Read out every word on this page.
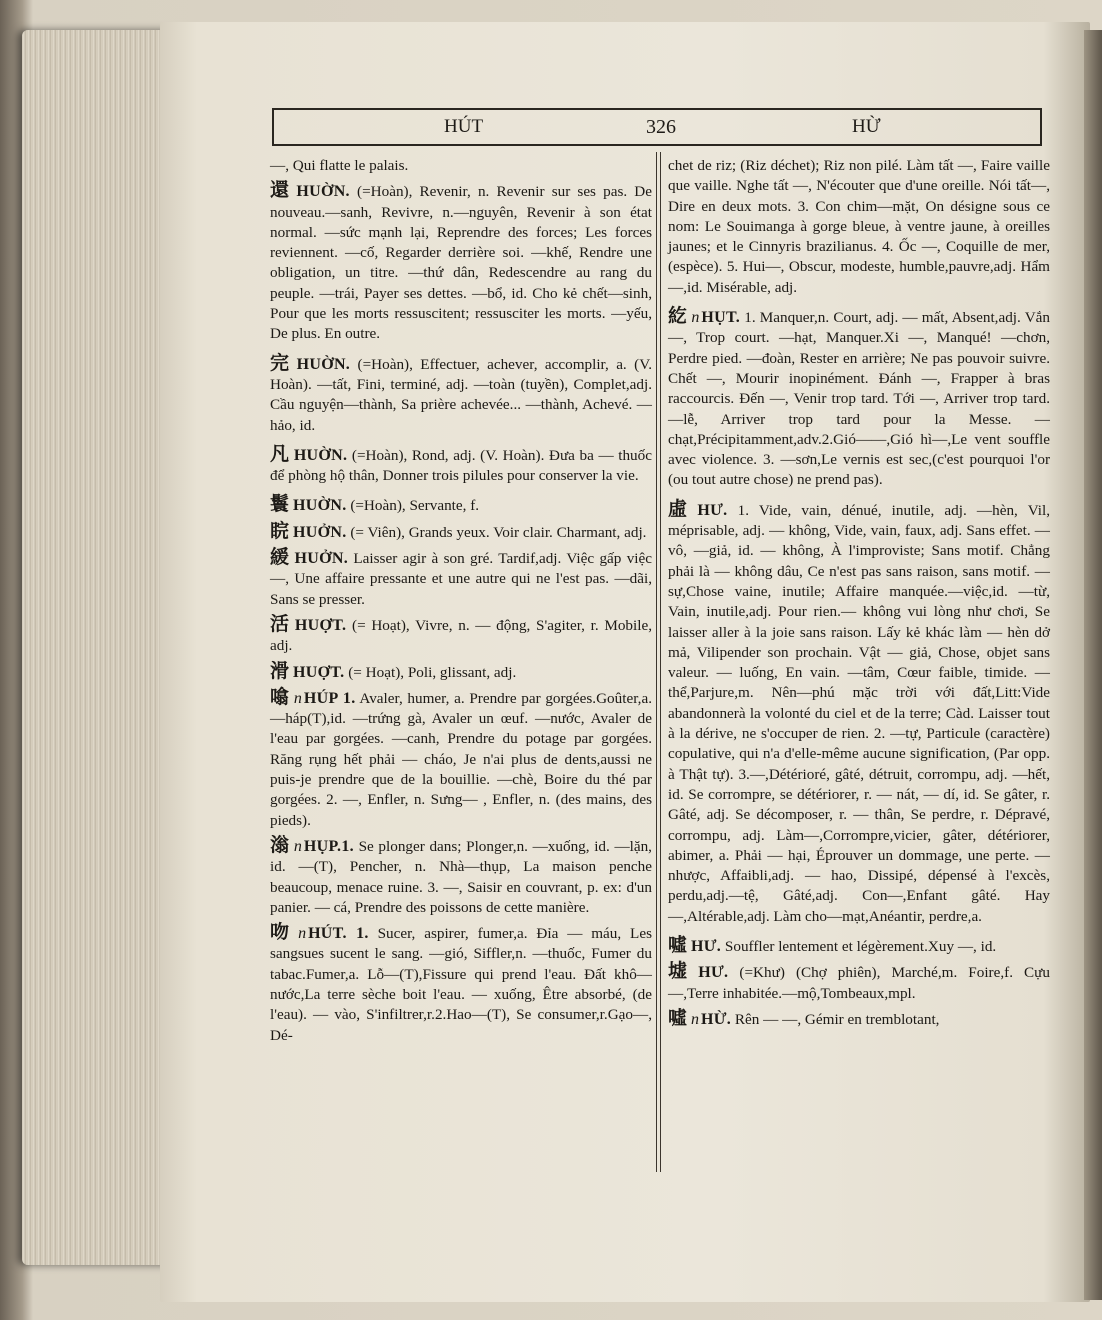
HÚT	326	HỪ
—, Qui flatte le palais.
還 HUỜN. (=Hoàn), Revenir, n. Revenir sur ses pas. De nouveau.—sanh, Revivre, n.—nguyên, Revenir à son état normal. —sức mạnh lại, Reprendre des forces; Les forces reviennent. —cố, Regarder derrière soi. —khế, Rendre une obligation, un titre. —thứ dân, Redescendre au rang du peuple. —trái, Payer ses dettes. —bổ, id. Cho kẻ chết—sinh, Pour que les morts ressuscitent; ressusciter les morts. —yếu, De plus. En outre.
完 HUỜN. (=Hoàn), Effectuer, achever, accomplir, a. (V. Hoàn). —tất, Fini, terminé, adj. —toàn (tuyền), Complet,adj. Cầu nguyện—thành, Sa prière achevée... —thành, Achevé. —hảo, id.
凡 HUỜN. (=Hoàn), Rond, adj. (V. Hoàn). Đưa ba — thuốc để phòng hộ thân, Donner trois pilules pour conserver la vie.
鬟 HUỜN. (=Hoàn), Servante, f.
睆 HUỞN. (= Viên), Grands yeux. Voir clair. Charmant, adj.
緩 HUỞN. Laisser agir à son gré. Tardif,adj. Việc gấp việc —, Une affaire pressante et une autre qui ne l'est pas. —dãi, Sans se presser.
活 HUỢT. (= Hoạt), Vivre, n. — động, S'agiter, r. Mobile, adj.
滑 HUỢT. (= Hoạt), Poli, glissant, adj.
噏 n HÚP 1. Avaler, humer, a. Prendre par gorgées.Goûter,a.—háp(T),id. —trứng gà, Avaler un œuf. —nước, Avaler de l'eau par gorgées. —canh, Prendre du potage par gorgées. Răng rụng hết phải — cháo, Je n'ai plus de dents,aussi ne puis-je prendre que de la bouillie. —chè, Boire du thé par gorgées. 2. —, Enfler, n. Sưng— , Enfler, n. (des mains, des pieds).
滃 n HỤP.1. Se plonger dans; Plonger,n. —xuống, id. —lặn, id. —(T), Pencher, n. Nhà—thụp, La maison penche beaucoup, menace ruine. 3. —, Saisir en couvrant, p. ex: d'un panier. — cá, Prendre des poissons de cette manière.
吻 n HÚT. 1. Sucer, aspirer, fumer,a. Đỉa — máu, Les sangsues sucent le sang. —gió, Siffler,n. —thuốc, Fumer du tabac.Fumer,a. Lỗ—(T),Fissure qui prend l'eau. Đất khô—nước,La terre sèche boit l'eau. — xuống, Être absorbé, (de l'eau). — vào, S'infiltrer,r.2.Hao—(T), Se consumer,r.Gạo—, Dé-
chet de riz; (Riz déchet); Riz non pilé. Làm tất —, Faire vaille que vaille. Nghe tất —, N'écouter que d'une oreille. Nói tất—, Dire en deux mots. 3. Con chim—mặt, On désigne sous ce nom: Le Souimanga à gorge bleue, à ventre jaune, à oreilles jaunes; et le Cinnyris brazilianus. 4. Ốc —, Coquille de mer, (espèce). 5. Hui—, Obscur, modeste, humble,pauvre,adj. Hẩm —,id. Misérable, adj.
紇 n HỤT. 1. Manquer,n. Court, adj. — mất, Absent,adj. Vắn—, Trop court. —hạt, Manquer.Xi —, Manqué! —chơn, Perdre pied. —đoàn, Rester en arrière; Ne pas pouvoir suivre. Chết —, Mourir inopinément. Đánh —, Frapper à bras raccourcis. Đến —, Venir trop tard. Tới —, Arriver trop tard. —lễ, Arriver trop tard pour la Messe. —chạt,Précipitamment,adv.2.Gió——,Gió hì—,Le vent souffle avec violence. 3. —sơn,Le vernis est sec,(c'est pourquoi l'or (ou tout autre chose) ne prend pas).
虛 HƯ. 1. Vide, vain, dénué, inutile, adj. —hèn, Vil, méprisable, adj. — không, Vide, vain, faux, adj. Sans effet. —vô, —giả, id. — không, À l'improviste; Sans motif. Chẳng phải là — không dâu, Ce n'est pas sans raison, sans motif. —sự,Chose vaine, inutile; Affaire manquée.—việc,id. —từ, Vain, inutile,adj. Pour rien.— không vui lòng như chơi, Se laisser aller à la joie sans raison. Lấy kẻ khác làm — hèn dở mả, Vilipender son prochain. Vật — giả, Chose, objet sans valeur. — luống, En vain. —tâm, Cœur faible, timide. —thể,Parjure,m. Nên—phú mặc trời với đất,Litt:Vide abandonnerà la volonté du ciel et de la terre; Càd. Laisser tout à la dérive, ne s'occuper de rien. 2. —tự, Particule (caractère) copulative, qui n'a d'elle-même aucune signification, (Par opp. à Thật tự). 3.—,Détérioré, gâté, détruit, corrompu, adj. —hết, id. Se corrompre, se détériorer, r. — nát, — dí, id. Se gâter, r. Gâté, adj. Se décomposer, r. — thân, Se perdre, r. Dépravé, corrompu, adj. Làm—,Corrompre,vicier, gâter, détériorer, abimer, a. Phải — hại, Éprouver un dommage, une perte. —nhược, Affaibli,adj. — hao, Dissipé, dépensé à l'excès, perdu,adj.—tệ, Gâté,adj. Con—,Enfant gâté. Hay—,Altérable,adj. Làm cho—mạt,Anéantir, perdre,a.
噓 HƯ. Souffler lentement et légèrement.Xuy —, id.
墟 HƯ. (=Khư) (Chợ phiên), Marché,m. Foire,f. Cựu—,Terre inhabitée.—mộ,Tombeaux,mpl.
噓 n HỪ. Rên — —, Gémir en tremblotant,
